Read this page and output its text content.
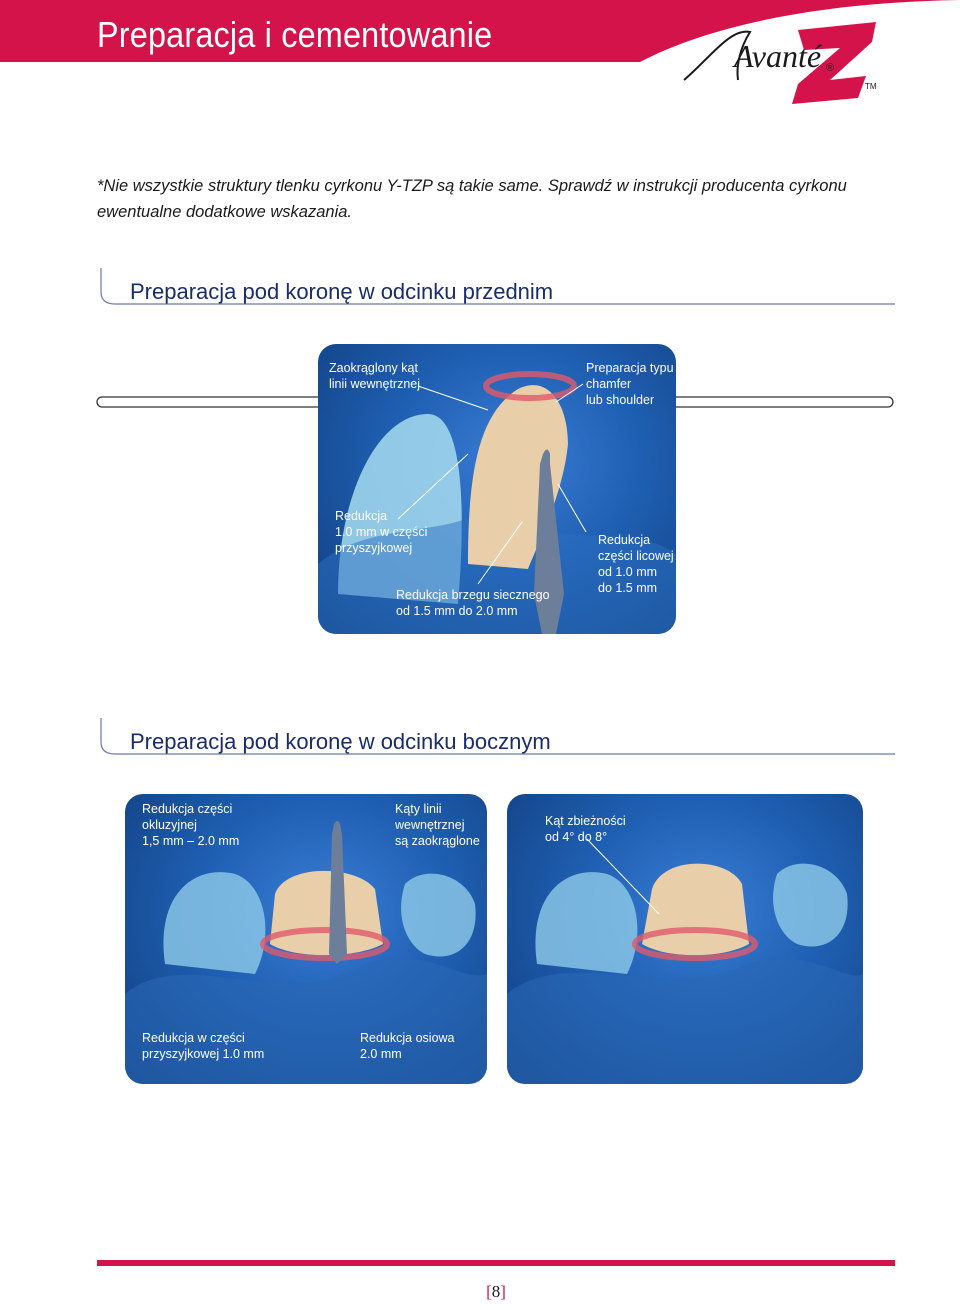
Preparacja i cementowanie
Avanté ®
TM

*Nie wszystkie struktury tlenku cyrkonu Y-TZP są takie same. Sprawdź w instrukcji producenta cyrkonu ewentualne dodatkowe wskazania.

Preparacja pod koronę w odcinku przednim
Zaokrąglony kąt
linii wewnętrznej
Preparacja typu
chamfer
lub shoulder
Redukcja
1.0 mm w części
przyszyjkowej
Redukcja brzegu siecznego
od 1.5 mm do 2.0 mm
Redukcja
części licowej
od 1.0 mm
do 1.5 mm
Preparacja pod koronę w odcinku bocznym
Redukcja części
okluzyjnej
1,5 mm – 2.0 mm
Kąty linii
wewnętrznej
są zaokrąglone
Redukcja w części
przyszyjkowej 1.0 mm
Redukcja osiowa
2.0 mm
Kąt zbieżności
od 4° do 8°
[8]
